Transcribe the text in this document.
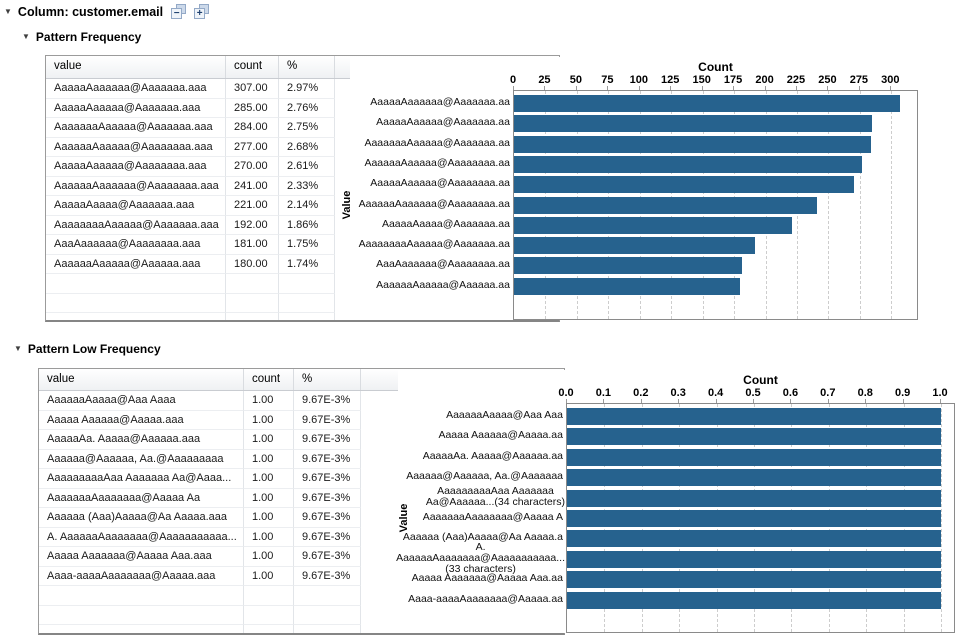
▼ Column: customer.email − +
▼ Pattern Frequency
value	count	%
AaaaaAaaaaaa@Aaaaaaa.aaa	307.00	2.97%
AaaaaAaaaaa@Aaaaaaa.aaa	285.00	2.76%
AaaaaaaAaaaaa@Aaaaaaa.aaa	284.00	2.75%
AaaaaaAaaaaa@Aaaaaaaa.aaa	277.00	2.68%
AaaaaAaaaaa@Aaaaaaaa.aaa	270.00	2.61%
AaaaaaAaaaaaa@Aaaaaaaa.aaa	241.00	2.33%
AaaaaAaaaa@Aaaaaaa.aaa	221.00	2.14%
AaaaaaaaAaaaaa@Aaaaaaa.aaa	192.00	1.86%
AaaAaaaaaa@Aaaaaaaa.aaa	181.00	1.75%
AaaaaaAaaaaa@Aaaaaa.aaa	180.00	1.74%
Count
0 25 50 75 100 125 150 175 200 225 250 275 300
AaaaaAaaaaaa@Aaaaaaa.aa
AaaaaAaaaaa@Aaaaaaa.aa
AaaaaaaAaaaaa@Aaaaaaa.aa
AaaaaaAaaaaa@Aaaaaaaa.aa
AaaaaAaaaaa@Aaaaaaaa.aa
AaaaaaAaaaaaa@Aaaaaaaa.aa
AaaaaAaaaa@Aaaaaaa.aa
AaaaaaaaAaaaaa@Aaaaaaa.aa
AaaAaaaaaa@Aaaaaaaa.aa
AaaaaaAaaaaa@Aaaaaa.aa
Value
▼ Pattern Low Frequency
value	count	%
AaaaaaAaaaa@Aaa Aaaa	1.00	9.67E-3%
Aaaaa Aaaaaa@Aaaaa.aaa	1.00	9.67E-3%
AaaaaAa. Aaaaa@Aaaaaa.aaa	1.00	9.67E-3%
Aaaaaa@Aaaaaa, Aa.@Aaaaaaaaa	1.00	9.67E-3%
AaaaaaaaaAaa Aaaaaaa Aa@Aaaa...	1.00	9.67E-3%
AaaaaaaAaaaaaaa@Aaaaa Aa	1.00	9.67E-3%
Aaaaaa (Aaa)Aaaaa@Aa Aaaaa.aaa	1.00	9.67E-3%
A. AaaaaaAaaaaaaa@Aaaaaaaaaaa...	1.00	9.67E-3%
Aaaaa Aaaaaaa@Aaaaa Aaa.aaa	1.00	9.67E-3%
Aaaa-aaaaAaaaaaaa@Aaaaa.aaa	1.00	9.67E-3%
Count
0.0 0.1 0.2 0.3 0.4 0.5 0.6 0.7 0.8 0.9 1.0
AaaaaaAaaaa@Aaa Aaa
Aaaaa Aaaaaa@Aaaaa.aa
AaaaaAa. Aaaaa@Aaaaaa.aa
Aaaaaa@Aaaaaa, Aa.@Aaaaaaa
AaaaaaaaaAaa Aaaaaaa
Aa@Aaaaaa...(34 characters)
AaaaaaaAaaaaaaa@Aaaaa A
Aaaaaa (Aaa)Aaaaa@Aa Aaaaa.a
A.
AaaaaaAaaaaaaa@Aaaaaaaaaaa...
(33 characters)
Aaaaa Aaaaaaa@Aaaaa Aaa.aa
Aaaa-aaaaAaaaaaaa@Aaaaa.aa
Value
